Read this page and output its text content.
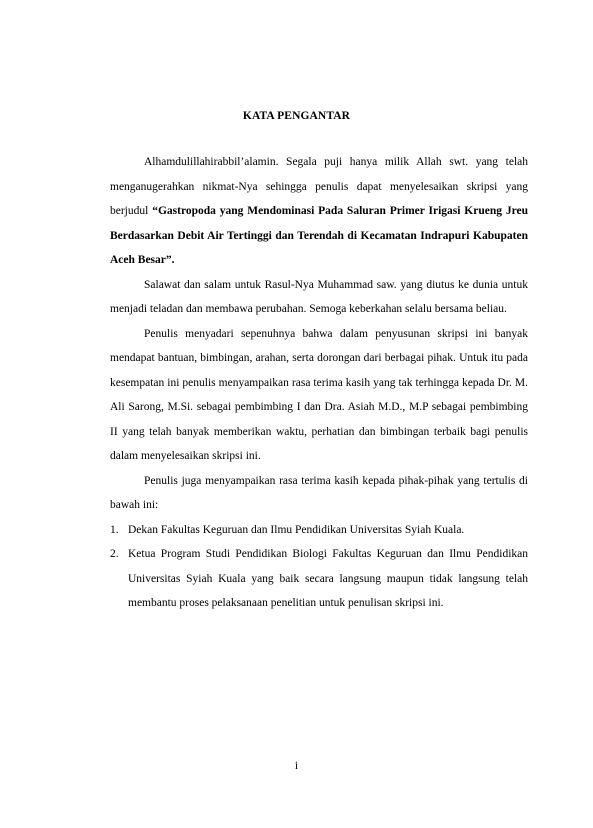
KATA PENGANTAR

Alhamdulillahirabbil’alamin. Segala puji hanya milik Allah swt. yang telah menganugerahkan nikmat-Nya sehingga penulis dapat menyelesaikan skripsi yang berjudul “Gastropoda yang Mendominasi Pada Saluran Primer Irigasi Krueng Jreu Berdasarkan Debit Air Tertinggi dan Terendah di Kecamatan Indrapuri Kabupaten Aceh Besar”.

Salawat dan salam untuk Rasul-Nya Muhammad saw. yang diutus ke dunia untuk menjadi teladan dan membawa perubahan. Semoga keberkahan selalu bersama beliau.

Penulis menyadari sepenuhnya bahwa dalam penyusunan skripsi ini banyak mendapat bantuan, bimbingan, arahan, serta dorongan dari berbagai pihak. Untuk itu pada kesempatan ini penulis menyampaikan rasa terima kasih yang tak terhingga kepada Dr. M. Ali Sarong, M.Si. sebagai pembimbing I dan Dra. Asiah M.D., M.P sebagai pembimbing II yang telah banyak memberikan waktu, perhatian dan bimbingan terbaik bagi penulis dalam menyelesaikan skripsi ini.

Penulis juga menyampaikan rasa terima kasih kepada pihak-pihak yang tertulis di bawah ini:

1. Dekan Fakultas Keguruan dan Ilmu Pendidikan Universitas Syiah Kuala.
2. Ketua Program Studi Pendidikan Biologi Fakultas Keguruan dan Ilmu Pendidikan Universitas Syiah Kuala yang baik secara langsung maupun tidak langsung telah membantu proses pelaksanaan penelitian untuk penulisan skripsi ini.
i
